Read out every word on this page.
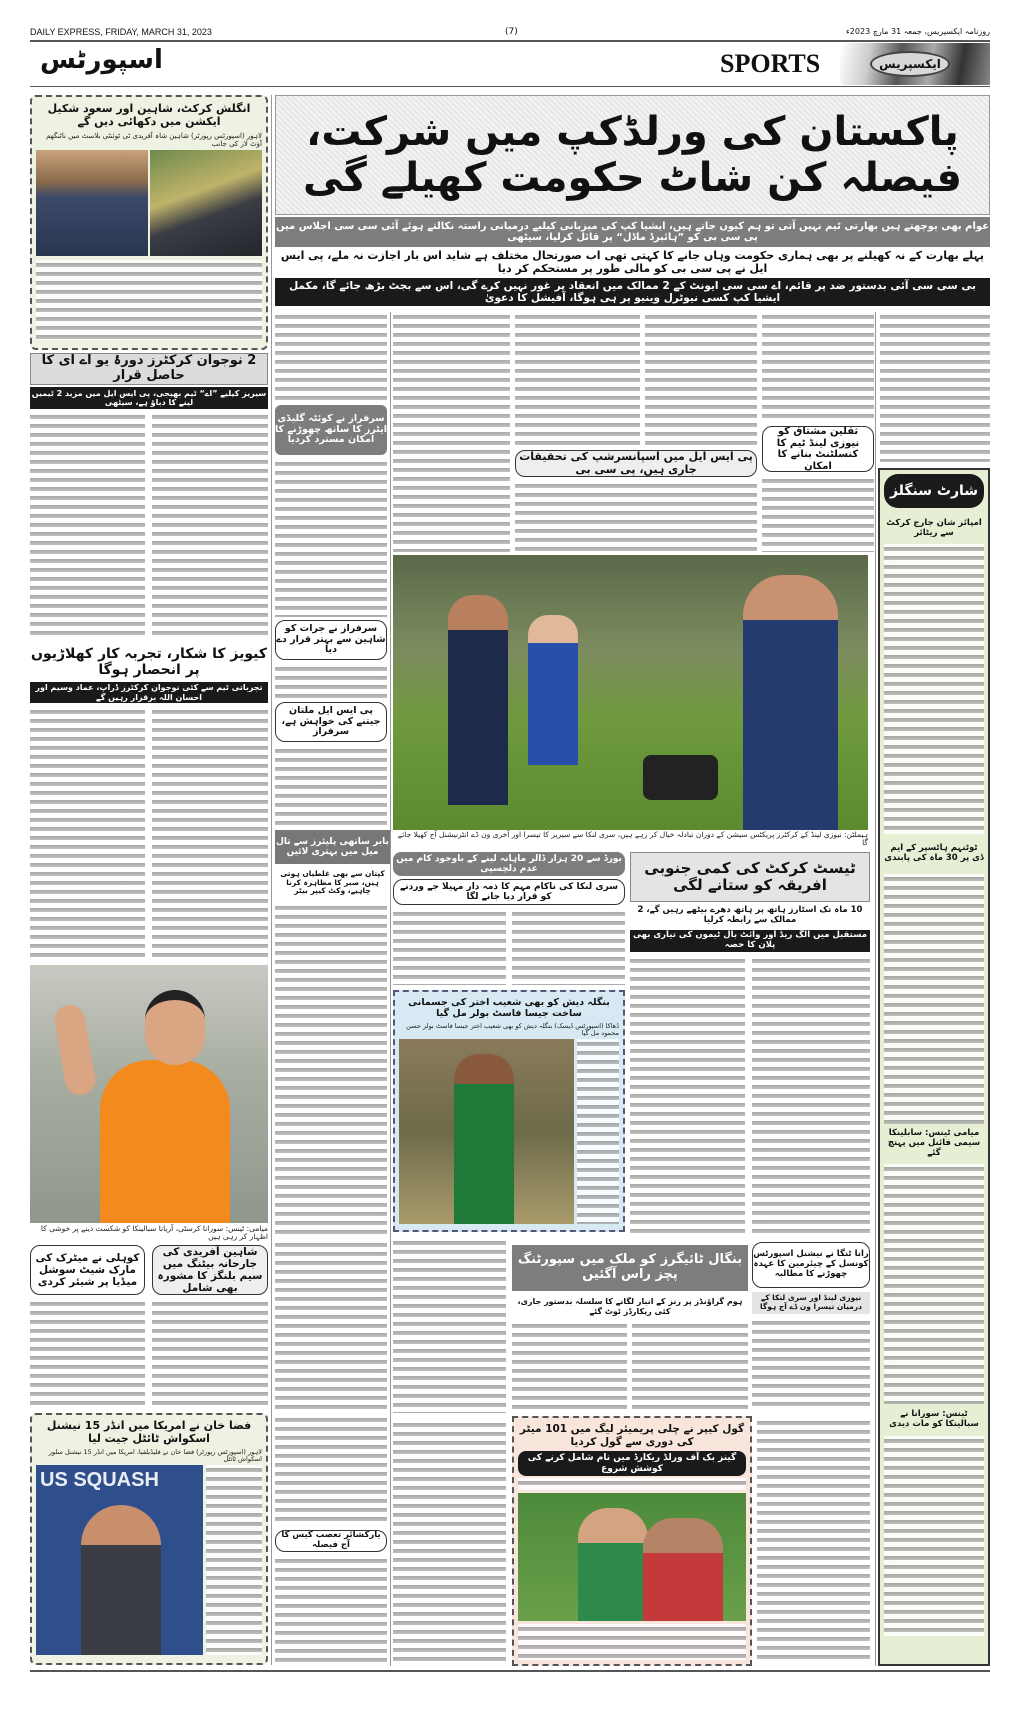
DAILY EXPRESS, FRIDAY, MARCH 31, 2023	(7)	روزنامہ ایکسپریس، جمعہ 31 مارچ 2023ء
اسپورٹس	SPORTS	ایکسپریس
انگلش کرکٹ، شاہین اور سعود شکیل ایکشن میں دکھائی دیں گے
لاہور (اسپورٹس رپورٹر) شاہین شاہ آفریدی ٹی ٹوئنٹی بلاسٹ میں ناٹنگھم آؤٹ لاز کی جانب
2 نوجوان کرکٹرز دورۂ یو اے ای کا حاصل قرار
سیریز کیلیے ”اے“ ٹیم بھیجی، پی ایس ایل میں مزید 2 ٹیمیں لینے کا دباؤ ہے، سیٹھی
کیویز کا شکار، تجربہ کار کھلاڑیوں پر انحصار ہوگا
تجرباتی ٹیم سے کئی نوجوان کرکٹرز ڈراپ، عماد وسیم اور احسان اللہ برقرار رہیں گے
میامی: ٹینس: سورانا کرسٹی، آریانا سبالینکا کو شکست دینے پر خوشی کا اظہار کر رہی ہیں
کوہلی نے میٹرک کی مارک شیٹ سوشل میڈیا پر شیئر کردی
شاہین آفریدی کی جارحانہ بیٹنگ میں سیم بلنگز کا مشورہ بھی شامل
فضا خان نے امریکا میں انڈر 15 نیشنل اسکواش ٹائٹل جیت لیا
لاہور (اسپورٹس رپورٹر) فضا خان نے فلیڈیلفیا، امریکا میں انڈر 15 نیشنل سلور اسکواش ٹائٹل
US SQUASH
پاکستان کی ورلڈکپ میں شرکت، فیصلہ کن شاٹ حکومت کھیلے گی
عوام بھی پوچھتے ہیں بھارتی ٹیم نہیں آتی تو ہم کیوں جاتے ہیں، ایشیا کپ کی میزبانی کیلیے درمیانی راستہ نکالتے ہوئے آئی سی سی اجلاس میں پی سی بی کو ”ہائبرڈ ماڈل“ پر قائل کرلیا، سیٹھی
پہلے بھارت کے نہ کھیلنے پر بھی ہماری حکومت وہاں جانے کا کہتی تھی اب صورتحال مختلف ہے شاید اس بار اجازت نہ ملے، پی ایس ایل نے پی سی بی کو مالی طور پر مستحکم کر دیا
بی سی سی آئی بدستور ضد پر قائم، اے سی سی ایونٹ کے 2 ممالک میں انعقاد پر غور نہیں کرے گی، اس سے بجٹ بڑھ جائے گا، مکمل ایشیا کپ کسی نیوٹرل وینیو پر ہی ہوگا، آفیشل کا دعویٰ
ثقلین مشتاق کو نیوزی لینڈ ٹیم کا کنسلٹنٹ بنانے کا امکان
پی ایس ایل میں اسپانسرشپ کی تحقیقات جاری ہیں، پی سی بی
سرفراز نے کوئٹہ گلیڈی ایٹرز کا ساتھ چھوڑنے کا امکان مسترد کردیا
سرفراز نے جرات کو شاہین سے بہتر قرار دے دیا
پی ایس ایل ملتان جیتنے کی خواہش ہے، سرفراز
ہیملٹن: نیوزی لینڈ کے کرکٹرز پریکٹس سیشن کے دوران تبادلہ خیال کر رہے ہیں، سری لنکا سے سیریز کا تیسرا اور آخری ون ڈے انٹرنیشنل آج کھیلا جائے گا
بابر ساتھی پلیئرز سے تال میل میں بہتری لائیں
کپتان سے بھی غلطیاں ہوتی ہیں، صبر کا مظاہرہ کرنا چاہیے، وکٹ کیپر بیٹر
بورڈ سے 20 ہزار ڈالر ماہانہ لینے کے باوجود کام میں عدم دلچسپی
سری لنکا کی ناکام مہم کا ذمہ دار مہیلا جے وردنے کو قرار دیا جانے لگا
ٹیسٹ کرکٹ کی کمی جنوبی افریقہ کو ستانے لگی
10 ماہ تک اسٹارز ہاتھ پر ہاتھ دھرے بیٹھے رہیں گے، 2 ممالک سے رابطہ کرلیا
مستقبل میں الگ ریڈ اور وائٹ بال ٹیموں کی تیاری بھی پلان کا حصہ
بنگلہ دیش کو بھی شعیب اختر کی جسمانی ساخت جیسا فاسٹ بولر مل گیا
ڈھاکا (اسپورٹس ڈیسک) بنگلہ دیش کو بھی شعیب اختر جیسا فاسٹ بولر حسن محمود مل گیا
بنگال ٹائیگرز کو ملک میں سپورٹنگ پچز راس آگئیں
ہوم گراؤنڈز پر رنز کے انبار لگانے کا سلسلہ بدستور جاری، کئی ریکارڈز ٹوٹ گئے
رانا ٹنگا نے نیشنل اسپورٹس کونسل کے چیئرمین کا عہدہ چھوڑنے کا مطالبہ
نیوزی لینڈ اور سری لنکا کے درمیان تیسرا ون ڈے آج ہوگا
یارکشائر تعصب کیس کا آج فیصلہ
گول کیپر نے چلی پریمیئر لیگ میں 101 میٹر کی دوری سے گول کردیا
گینز بک آف ورلڈ ریکارڈ میں نام شامل کرنے کی کوشش شروع
شارٹ سنگلز
امپائر شان جارج کرکٹ سے ریٹائر
ٹوٹنہم ہاٹسپر کے ایم ڈی پر 30 ماہ کی پابندی
میامی ٹینس: سابلینکا سیمی فائنل میں پہنچ گئے
ٹینس: سورانا نے سبالینکا کو مات دیدی
